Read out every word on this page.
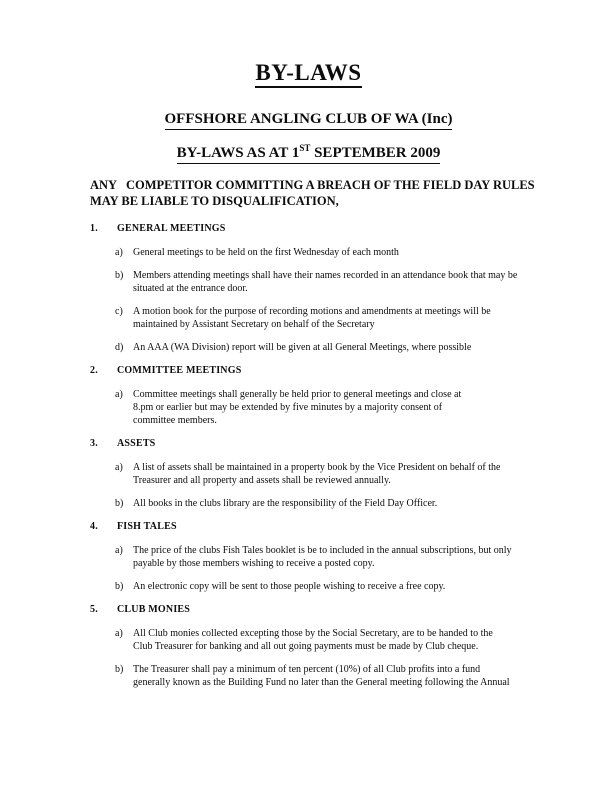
BY-LAWS
OFFSHORE ANGLING CLUB OF WA (Inc)
BY-LAWS AS AT 1ST SEPTEMBER 2009
ANY   COMPETITOR COMMITTING A BREACH OF THE FIELD DAY RULES
MAY BE LIABLE TO DISQUALIFICATION,
1.	GENERAL MEETINGS
a)	General meetings to be held on the first Wednesday of each month
b) Members attending meetings shall have their names recorded in an attendance book that may be
situated at the entrance door.
c)	A motion book for the purpose of recording motions and amendments at meetings will be
maintained by Assistant Secretary on behalf of the Secretary
d) An AAA (WA Division) report will be given at all General Meetings, where possible
2.	COMMITTEE MEETINGS
a)	Committee meetings shall generally be held prior to general meetings and close at
8.pm or earlier but may be extended by five minutes by a majority consent of
committee members.
3.	ASSETS
a)	A list of assets shall be maintained in a property book by the Vice President on behalf of the
Treasurer and all property and assets shall be reviewed annually.
b) All books in the clubs library are the responsibility of the Field Day Officer.
4.	FISH TALES
a)	The price of the clubs Fish Tales booklet is be to included in the annual subscriptions, but only
payable by those members wishing to receive a posted copy.
b) An electronic copy will be sent to those people wishing to receive a free copy.
5.	CLUB MONIES
a)	All Club monies collected excepting those by the Social Secretary, are to be handed to the
Club Treasurer for banking and all out going payments must be made by Club cheque.
b) The Treasurer shall pay a minimum of ten percent (10%) of all Club profits into a fund
generally known as the Building Fund no later than the General meeting following the Annual
